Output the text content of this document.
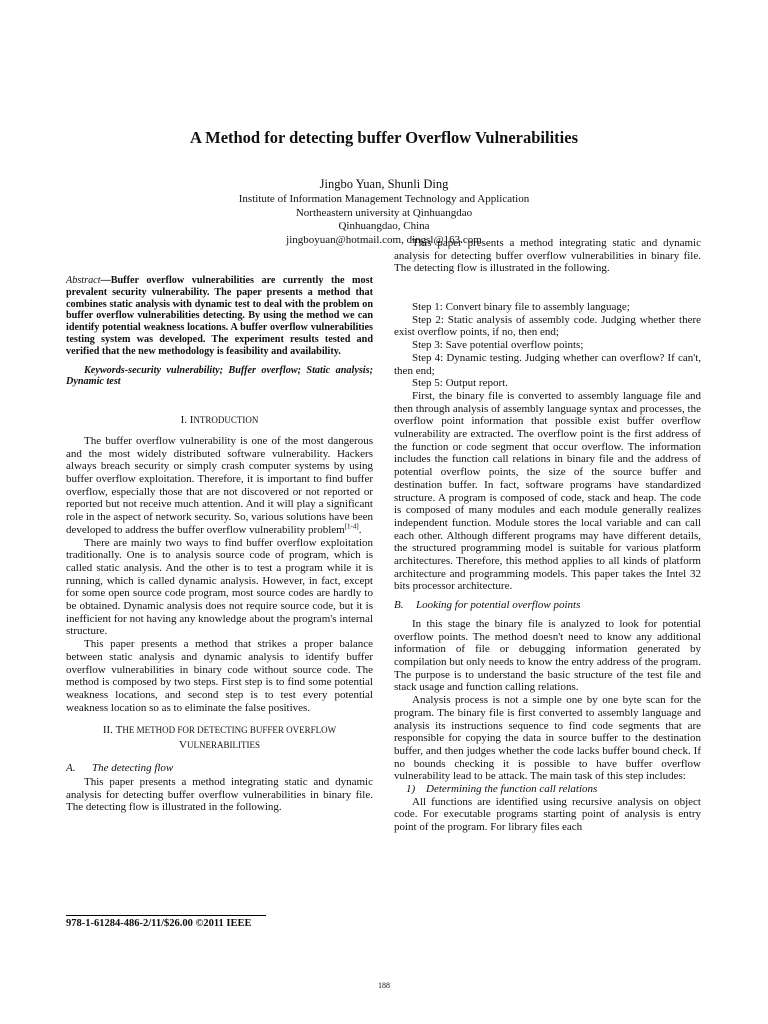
A Method for detecting buffer Overflow Vulnerabilities
Jingbo Yuan, Shunli Ding
Institute of Information Management Technology and Application
Northeastern university at Qinhuangdao
Qinhuangdao, China
jingboyuan@hotmail.com, dingsl@163.com

Abstract—Buffer overflow vulnerabilities are currently the most prevalent security vulnerability. The paper presents a method that combines static analysis with dynamic test to deal with the problem on buffer overflow vulnerabilities detecting. By using the method we can identify potential weakness locations. A buffer overflow vulnerabilities testing system was developed. The experiment results tested and verified that the new methodology is feasibility and availability.

Keywords-security vulnerability; Buffer overflow; Static analysis; Dynamic test

I. INTRODUCTION

The buffer overflow vulnerability is one of the most dangerous and the most widely distributed software vulnerability. Hackers always breach security or simply crash computer systems by using buffer overflow exploitation. Therefore, it is important to find buffer overflow, especially those that are not discovered or not reported or reported but not receive much attention. And it will play a significant role in the aspect of network security. So, various solutions have been developed to address the buffer overflow vulnerability problem[1-4].

There are mainly two ways to find buffer overflow exploitation traditionally. One is to analysis source code of program, which is called static analysis. And the other is to test a program while it is running, which is called dynamic analysis. However, in fact, except for some open source code program, most source codes are hardly to be obtained. Dynamic analysis does not require source code, but it is inefficient for not having any knowledge about the program's internal structure.

This paper presents a method that strikes a proper balance between static analysis and dynamic analysis to identify buffer overflow vulnerabilities in binary code without source code. The method is composed by two steps. First step is to find some potential weakness locations, and second step is to test every potential weakness location so as to eliminate the false positives.

II. THE METHOD FOR DETECTING BUFFER OVERFLOW
VULNERABILITIES

A. The detecting flow

This paper presents a method integrating static and dynamic analysis for detecting buffer overflow vulnerabilities in binary file. The detecting flow is illustrated in the following.

This paper presents a method integrating static and dynamic analysis for detecting buffer overflow vulnerabilities in binary file. The detecting flow is illustrated in the following.

Step 1: Convert binary file to assembly language;

Step 2: Static analysis of assembly code. Judging whether there exist overflow points, if no, then end;

Step 3: Save potential overflow points;

Step 4: Dynamic testing. Judging whether can overflow? If can't, then end;

Step 5: Output report.

First, the binary file is converted to assembly language file and then through analysis of assembly language syntax and processes, the overflow point information that possible exist buffer overflow vulnerability are extracted. The overflow point is the first address of the function or code segment that occur overflow. The information includes the function call relations in binary file and the address of potential overflow points, the size of the source buffer and destination buffer. In fact, software programs have standardized structure. A program is composed of code, stack and heap. The code is composed of many modules and each module generally realizes independent function. Module stores the local variable and can call each other. Although different programs may have different details, the structured programming model is suitable for various platform architectures. Therefore, this method applies to all kinds of platform architecture and programming models. This paper takes the Intel 32 bits processor architecture.

B. Looking for potential overflow points

In this stage the binary file is analyzed to look for potential overflow points. The method doesn't need to know any additional information of file or debugging information generated by compilation but only needs to know the entry address of the program. The purpose is to understand the basic structure of the test file and stack usage and function calling relations.

Analysis process is not a simple one by one byte scan for the program. The binary file is first converted to assembly language and analysis its instructions sequence to find code segments that are responsible for copying the data in source buffer to the destination buffer, and then judges whether the code lacks buffer bound check. If no bounds checking it is possible to have buffer overflow vulnerability lead to be attack. The main task of this step includes:

1) Determining the function call relations

All functions are identified using recursive analysis on object code. For executable programs starting point of analysis is entry point of the program. For library files each

978-1-61284-486-2/11/$26.00 ©2011 IEEE
188
